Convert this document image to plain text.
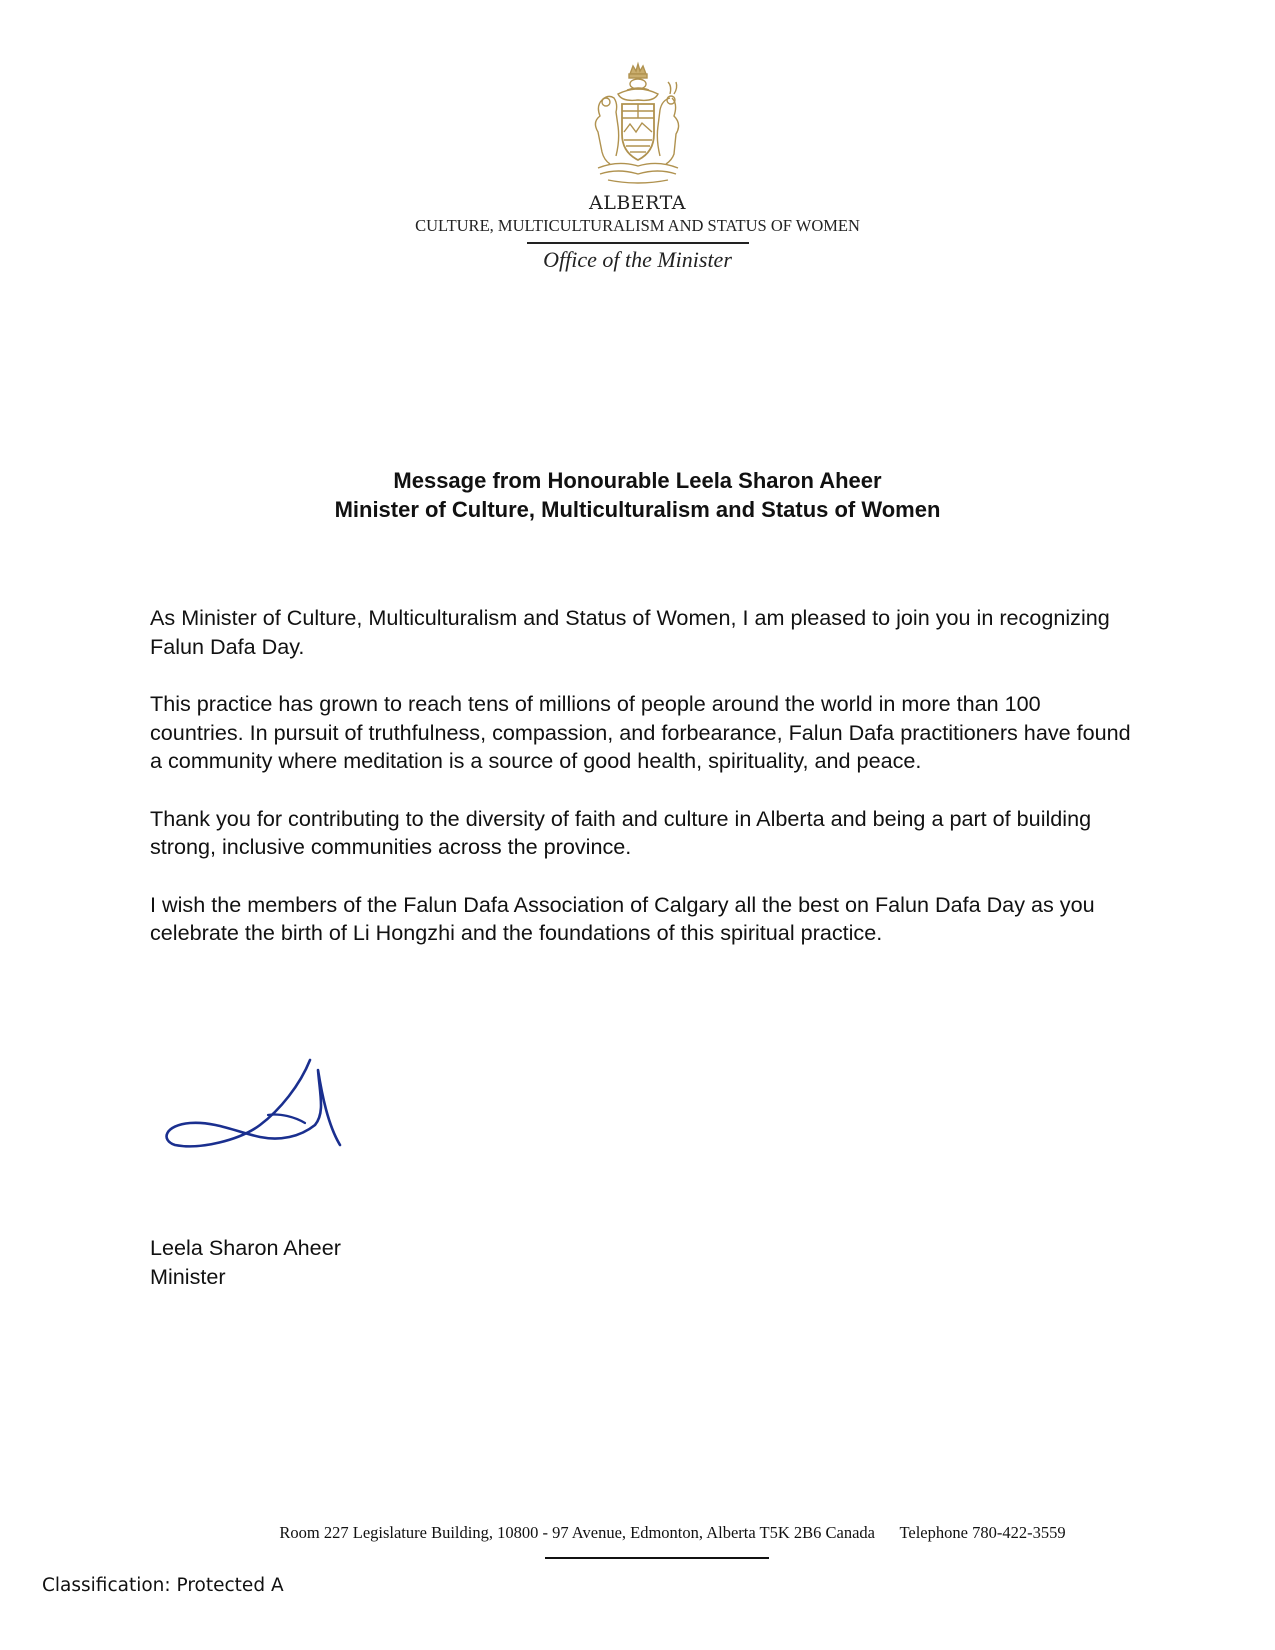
ALBERTA
CULTURE, MULTICULTURALISM AND STATUS OF WOMEN
Office of the Minister
Message from Honourable Leela Sharon Aheer
Minister of Culture, Multiculturalism and Status of Women

As Minister of Culture, Multiculturalism and Status of Women, I am pleased to join you in recognizing Falun Dafa Day.

This practice has grown to reach tens of millions of people around the world in more than 100 countries. In pursuit of truthfulness, compassion, and forbearance, Falun Dafa practitioners have found a community where meditation is a source of good health, spirituality, and peace.

Thank you for contributing to the diversity of faith and culture in Alberta and being a part of building strong, inclusive communities across the province.

I wish the members of the Falun Dafa Association of Calgary all the best on Falun Dafa Day as you celebrate the birth of Li Hongzhi and the foundations of this spiritual practice.

Leela Sharon Aheer
Minister
Room 227 Legislature Building, 10800 - 97 Avenue, Edmonton, Alberta T5K 2B6 Canada Telephone 780-422-3559
Classification: Protected A
